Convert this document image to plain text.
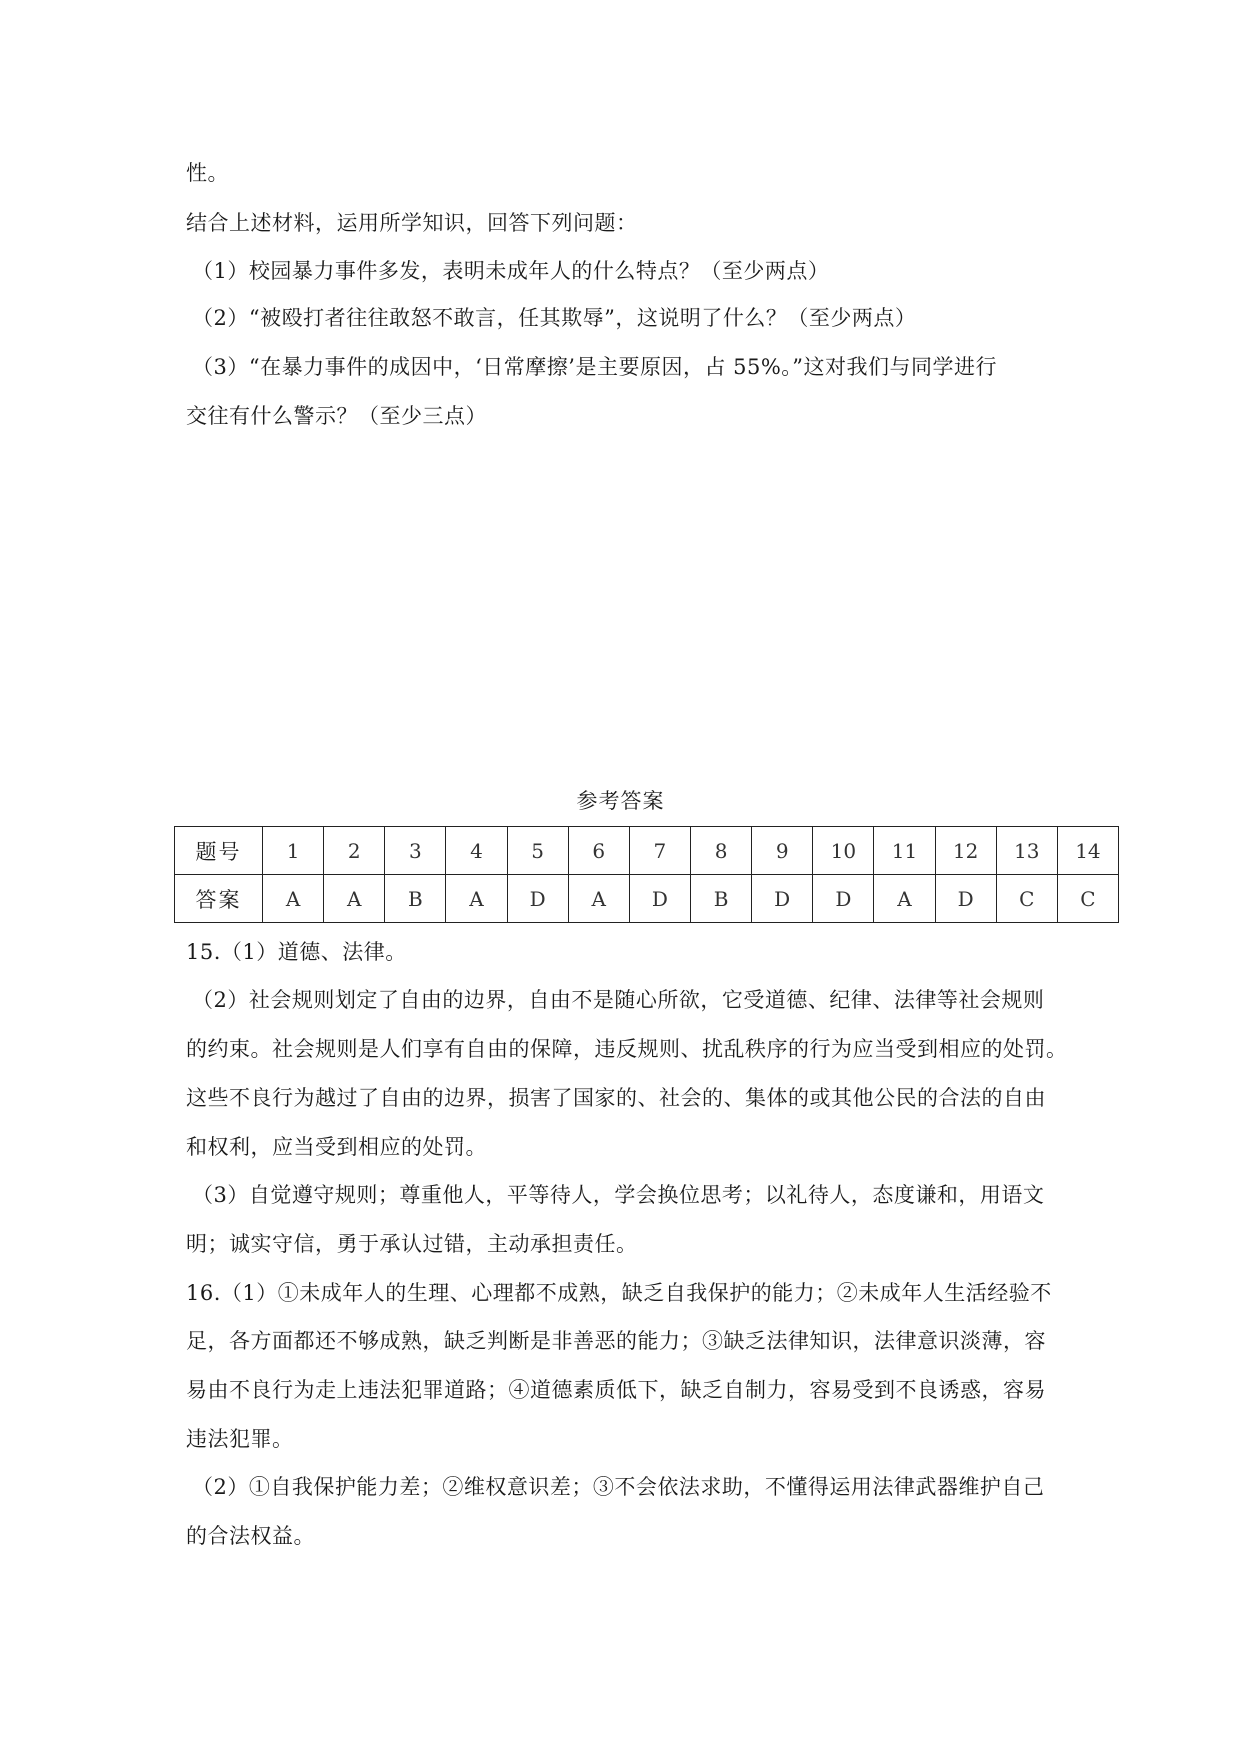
性。
结合上述材料，运用所学知识，回答下列问题：
（1）校园暴力事件多发，表明未成年人的什么特点？（至少两点）
（2）“被殴打者往往敢怒不敢言，任其欺辱”，这说明了什么？（至少两点）
（3）“在暴力事件的成因中，‘日常摩擦’是主要原因，占 55%。”这对我们与同学进行
交往有什么警示？（至少三点）
参考答案
题号	1	2	3	4	5	6	7	8	9	10	11	12	13	14
答案	A	A	B	A	D	A	D	B	D	D	A	D	C	C
15.（1）道德、法律。
（2）社会规则划定了自由的边界，自由不是随心所欲，它受道德、纪律、法律等社会规则
的约束。社会规则是人们享有自由的保障，违反规则、扰乱秩序的行为应当受到相应的处罚。
这些不良行为越过了自由的边界，损害了国家的、社会的、集体的或其他公民的合法的自由
和权利，应当受到相应的处罚。
（3）自觉遵守规则；尊重他人，平等待人，学会换位思考；以礼待人，态度谦和，用语文
明；诚实守信，勇于承认过错，主动承担责任。
16.（1）①未成年人的生理、心理都不成熟，缺乏自我保护的能力；②未成年人生活经验不
足，各方面都还不够成熟，缺乏判断是非善恶的能力；③缺乏法律知识，法律意识淡薄，容
易由不良行为走上违法犯罪道路；④道德素质低下，缺乏自制力，容易受到不良诱惑，容易
违法犯罪。
（2）①自我保护能力差；②维权意识差；③不会依法求助，不懂得运用法律武器维护自己
的合法权益。
